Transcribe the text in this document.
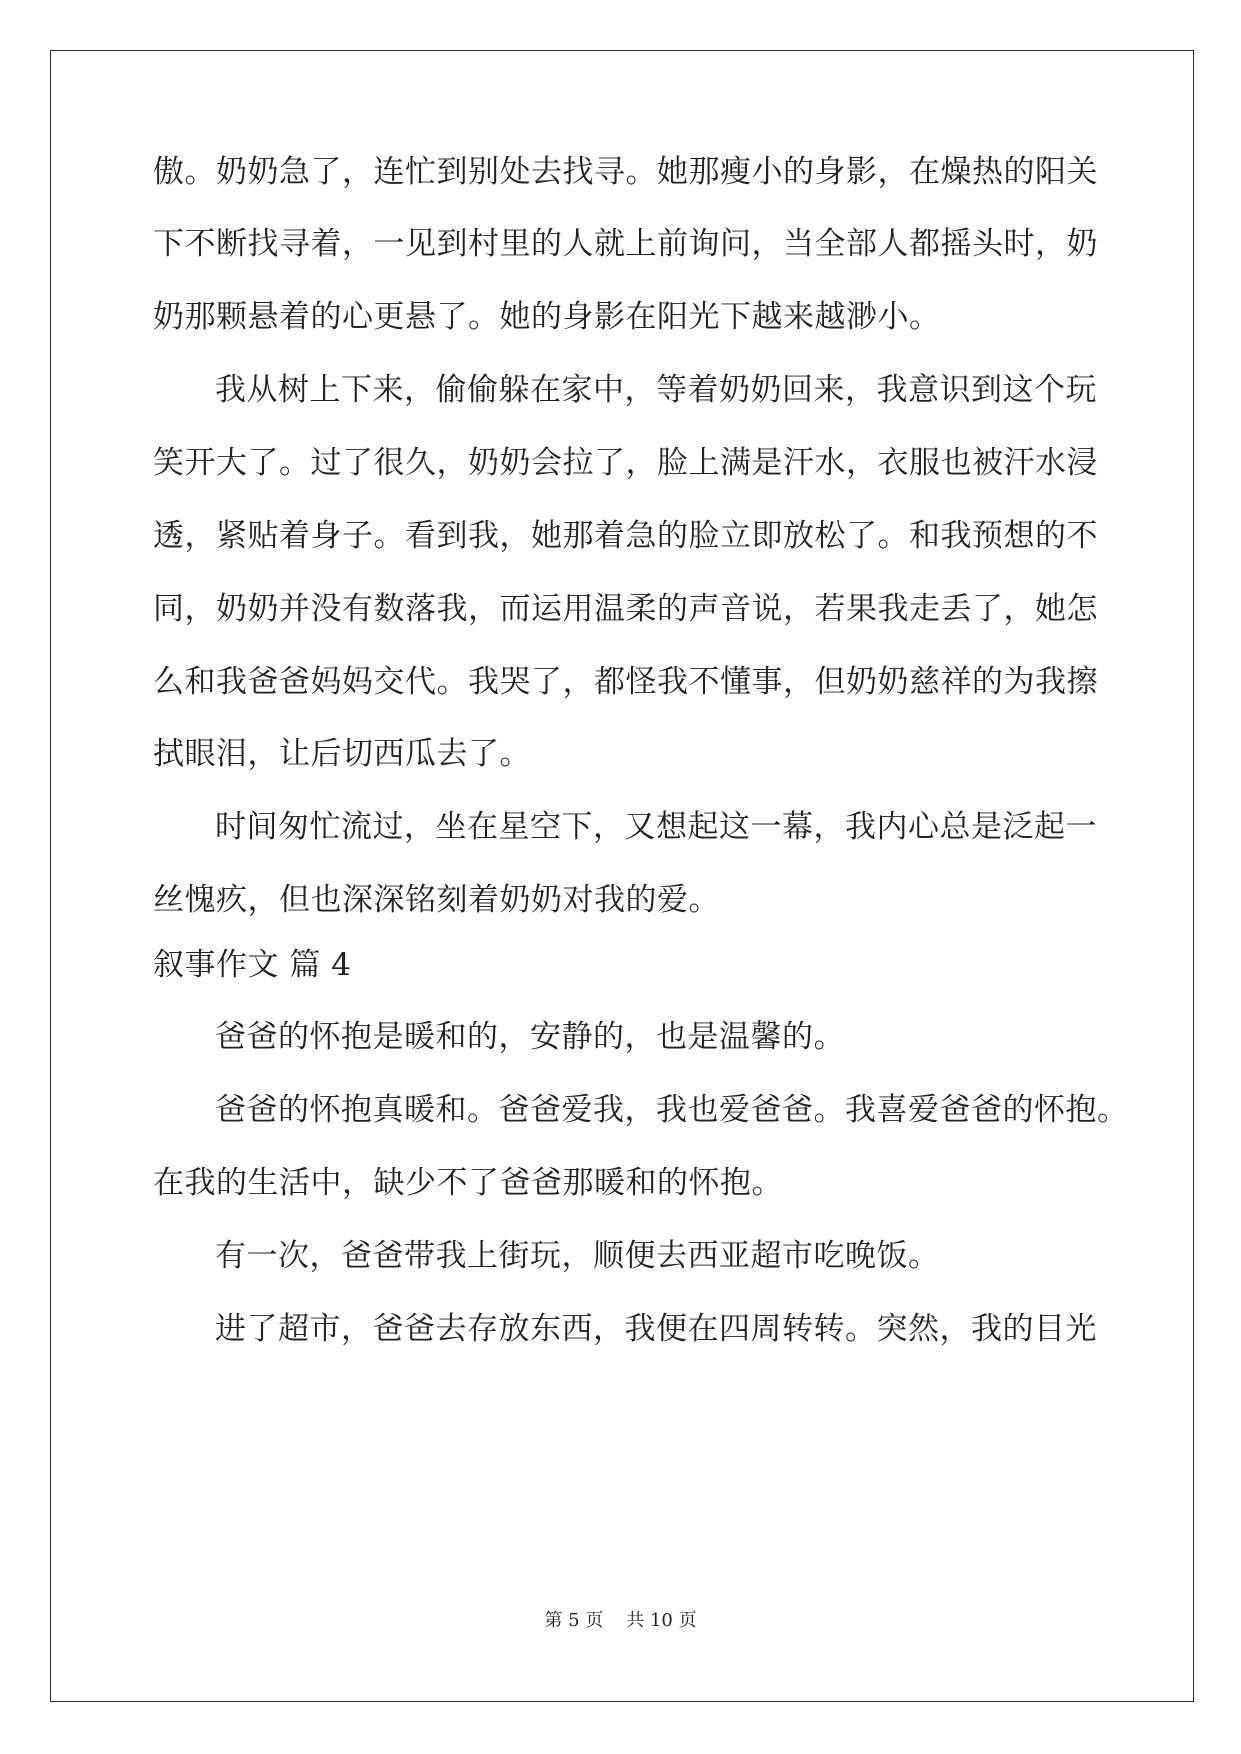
傲。奶奶急了，连忙到别处去找寻。她那瘦小的身影，在燥热的阳关
下不断找寻着，一见到村里的人就上前询问，当全部人都摇头时，奶
奶那颗悬着的心更悬了。她的身影在阳光下越来越渺小。
我从树上下来，偷偷躲在家中，等着奶奶回来，我意识到这个玩
笑开大了。过了很久，奶奶会拉了，脸上满是汗水，衣服也被汗水浸
透，紧贴着身子。看到我，她那着急的脸立即放松了。和我预想的不
同，奶奶并没有数落我，而运用温柔的声音说，若果我走丢了，她怎
么和我爸爸妈妈交代。我哭了，都怪我不懂事，但奶奶慈祥的为我擦
拭眼泪，让后切西瓜去了。
时间匆忙流过，坐在星空下，又想起这一幕，我内心总是泛起一
丝愧疚，但也深深铭刻着奶奶对我的爱。
叙事作文 篇 4
爸爸的怀抱是暖和的，安静的，也是温馨的。
爸爸的怀抱真暖和。爸爸爱我，我也爱爸爸。我喜爱爸爸的怀抱。
在我的生活中，缺少不了爸爸那暖和的怀抱。
有一次，爸爸带我上街玩，顺便去西亚超市吃晚饭。
进了超市，爸爸去存放东西，我便在四周转转。突然，我的目光
第 5 页 共 10 页
